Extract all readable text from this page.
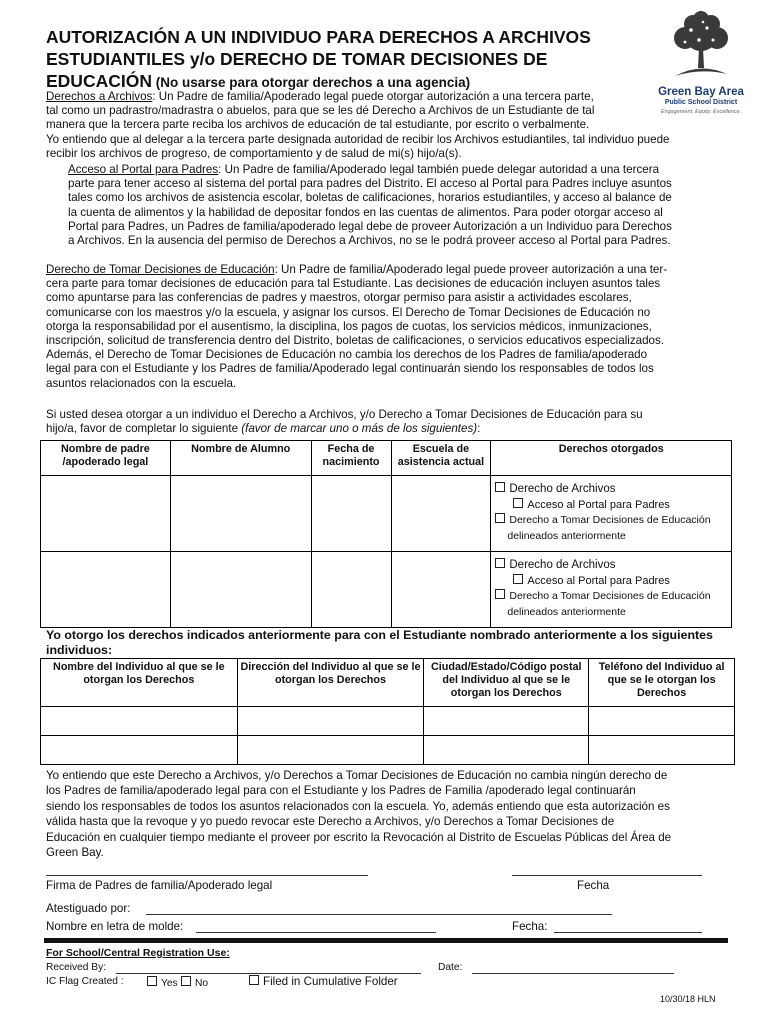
AUTORIZACIÓN A UN INDIVIDUO PARA DERECHOS A ARCHIVOS
ESTUDIANTILES y/o DERECHO DE TOMAR DECISIONES DE
EDUCACIÓN (No usarse para otorgar derechos a una agencia)
Green Bay Area
Public School District
Engagement. Equity. Excellence.

Derechos a Archivos: Un Padre de familia/Apoderado legal puede otorgar autorización a una tercera parte,

tal como un padrastro/madrastra o abuelos, para que se les dé Derecho a Archivos de un Estudiante de tal

manera que la tercera parte reciba los archivos de educación de tal estudiante, por escrito o verbalmente.

Yo entiendo que al delegar a la tercera parte designada autoridad de recibir los Archivos estudiantiles, tal individuo puede

recibir los archivos de progreso, de comportamiento y de salud de mi(s) hijo/a(s).

Acceso al Portal para Padres: Un Padre de familia/Apoderado legal también puede delegar autoridad a una tercera

parte para tener acceso al sistema del portal para padres del Distrito. El acceso al Portal para Padres incluye asuntos

tales como los archivos de asistencia escolar, boletas de calificaciones, horarios estudiantiles, y acceso al balance de

la cuenta de alimentos y la habilidad de depositar fondos en las cuentas de alimentos. Para poder otorgar acceso al

Portal para Padres, un Padres de familia/apoderado legal debe de proveer Autorización a un Individuo para Derechos

a Archivos. En la ausencia del permiso de Derechos a Archivos, no se le podrá proveer acceso al Portal para Padres.

Derecho de Tomar Decisiones de Educación: Un Padre de familia/Apoderado legal puede proveer autorización a una ter-

cera parte para tomar decisiones de educación para tal Estudiante. Las decisiones de educación incluyen asuntos tales

como apuntarse para las conferencias de padres y maestros, otorgar permiso para asistir a actividades escolares,

comunicarse con los maestros y/o la escuela, y asignar los cursos. El Derecho de Tomar Decisiones de Educación no

otorga la responsabilidad por el ausentismo, la disciplina, los pagos de cuotas, los servicios médicos, inmunizaciones,

inscripción, solicitud de transferencia dentro del Distrito, boletas de calificaciones, o servicios educativos especializados.

Además, el Derecho de Tomar Decisiones de Educación no cambia los derechos de los Padres de familia/apoderado

legal para con el Estudiante y los Padres de familia/Apoderado legal continuarán siendo los responsables de todos los

asuntos relacionados con la escuela.

Si usted desea otorgar a un individuo el Derecho a Archivos, y/o Derecho a Tomar Decisiones de Educación para su

hijo/a, favor de completar lo siguiente (favor de marcar uno o más de los siguientes):

Nombre de padre /apoderado legal	Nombre de Alumno	Fecha de nacimiento	Escuela de asistencia actual	Derechos otorgados

				Derecho de Archivos
Acceso al Portal para Padres
Derecho a Tomar Decisiones de Educación
delineados anteriormente

				Derecho de Archivos
Acceso al Portal para Padres
Derecho a Tomar Decisiones de Educación
delineados anteriormente
Yo otorgo los derechos indicados anteriormente para con el Estudiante nombrado anteriormente a los siguientes individuos:
Nombre del Individuo al que se le otorgan los Derechos	Dirección del Individuo al que se le otorgan los Derechos	Ciudad/Estado/Código postal del Individuo al que se le otorgan los Derechos	Teléfono del Individuo al que se le otorgan los Derechos

Yo entiendo que este Derecho a Archivos, y/o Derechos a Tomar Decisiones de Educación no cambia ningún derecho de

los Padres de familia/apoderado legal para con el Estudiante y los Padres de Familia /apoderado legal continuarán

siendo los responsables de todos los asuntos relacionados con la escuela. Yo, además entiendo que esta autorización es

válida hasta que la revoque y yo puedo revocar este Derecho a Archivos, y/o Derechos a Tomar Decisiones de

Educación en cualquier tiempo mediante el proveer por escrito la Revocación al Distrito de Escuelas Públicas del Área de

Green Bay.

Firma de Padres de familia/Apoderado legal	Fecha
Atestiguado por:
Nombre en letra de molde:	Fecha:
For School/Central Registration Use:
Received By:	Date:
IC Flag Created :	Yes	No	Filed in Cumulative Folder
10/30/18 HLN
